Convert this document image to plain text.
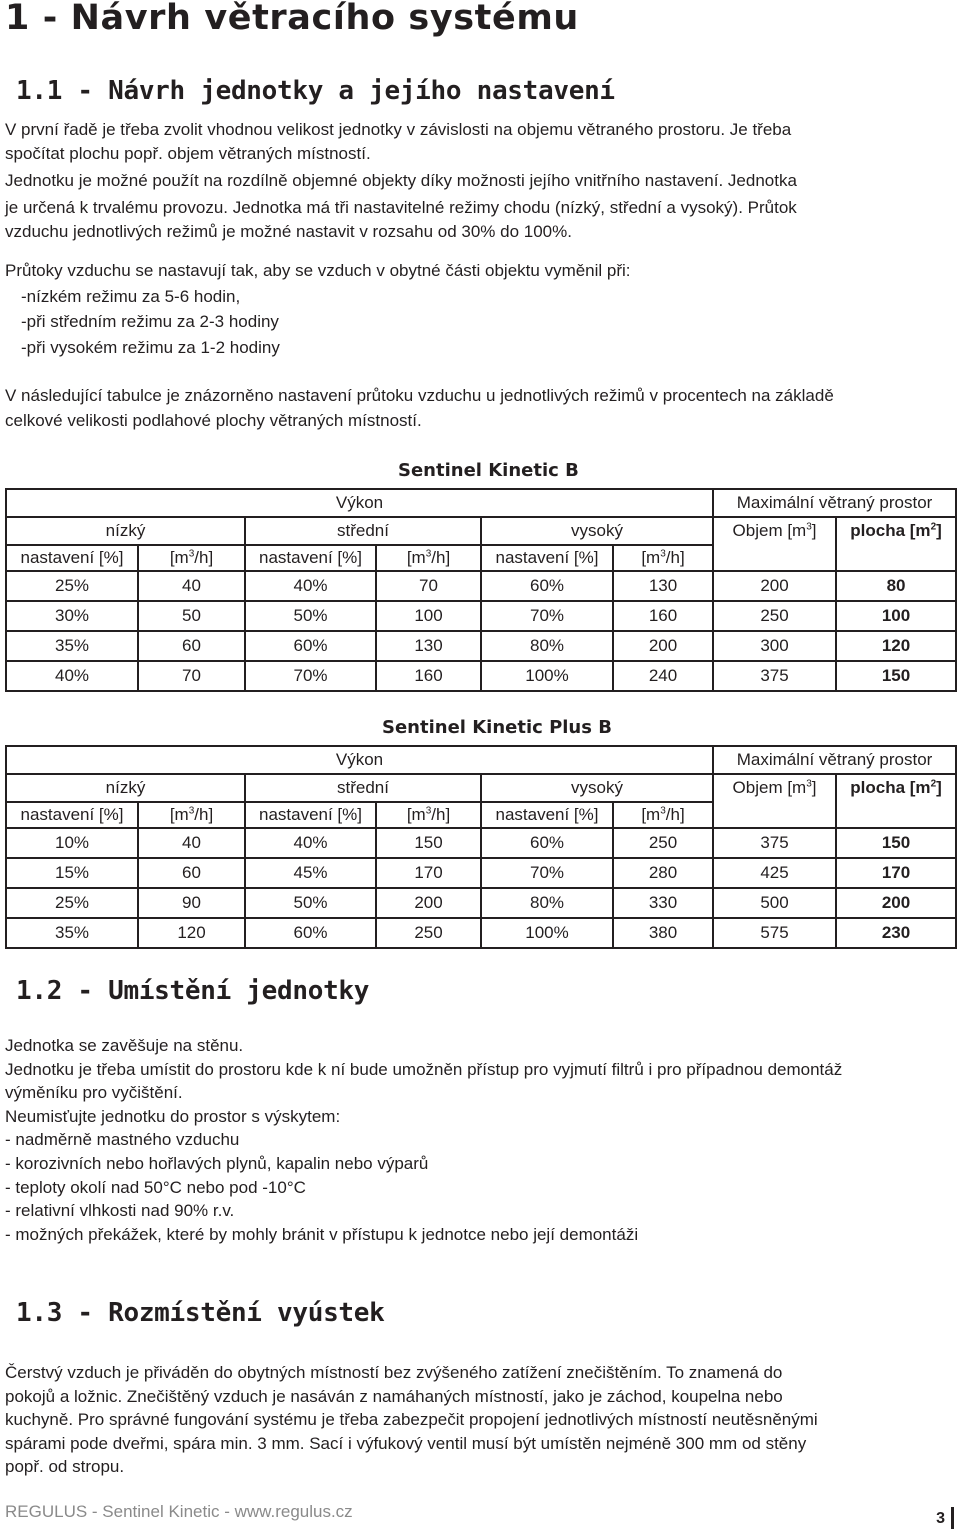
1 - Návrh větracího systému
1.1 - Návrh jednotky a jejího nastavení
V první řadě je třeba zvolit vhodnou velikost jednotky v závislosti na objemu větraného prostoru. Je třeba
spočítat plochu popř. objem větraných místností.
Jednotku je možné použít na rozdílně objemné objekty díky možnosti jejího vnitřního nastavení. Jednotka
je určená k trvalému provozu. Jednotka má tři nastavitelné režimy chodu (nízký, střední a vysoký). Průtok
vzduchu jednotlivých režimů je možné nastavit v rozsahu od 30% do 100%.
Průtoky vzduchu se nastavují tak, aby se vzduch v obytné části objektu vyměnil při:
-nízkém režimu za 5-6 hodin,
-při středním režimu za 2-3 hodiny
-při vysokém režimu za 1-2 hodiny
V následující tabulce je znázorněno nastavení průtoku vzduchu u jednotlivých režimů v procentech na základě
celkové velikosti podlahové plochy větraných místností.
Sentinel Kinetic B
Výkon						Maximální větraný prostor	
nízký		střední		vysoký		Objem $[m^3]$	plocha $[m^2]$
nastavení [%]	$[m^3/h]$	nastavení [%]	$[m^3/h]$	nastavení [%]	$[m^3/h]$		
25%	40	40%	70	60%	130	200	80
30%	50	50%	100	70%	160	250	100
35%	60	60%	130	80%	200	300	120
40%	70	70%	160	100%	240	375	150
Sentinel Kinetic Plus B
Výkon						Maximální větraný prostor	
nízký		střední		vysoký		Objem $[m^3]$	plocha $[m^2]$
nastavení [%]	$[m^3/h]$	nastavení [%]	$[m^3/h]$	nastavení [%]	$[m^3/h]$		
10%	40	40%	150	60%	250	375	150
15%	60	45%	170	70%	280	425	170
25%	90	50%	200	80%	330	500	200
35%	120	60%	250	100%	380	575	230
1.2 - Umístění jednotky
Jednotka se zavěšuje na stěnu.
Jednotku je třeba umístit do prostoru kde k ní bude umožněn přístup pro vyjmutí filtrů i pro případnou demontáž
výměníku pro vyčištění.
Neumisťujte jednotku do prostor s výskytem:
- nadměrně mastného vzduchu
- korozivních nebo hořlavých plynů, kapalin nebo výparů
- teploty okolí nad 50°C nebo pod -10°C
- relativní vlhkosti nad 90% r.v.
- možných překážek, které by mohly bránit v přístupu k jednotce nebo její demontáži
1.3 - Rozmístění vyústek
Čerstvý vzduch je přiváděn do obytných místností bez zvýšeného zatížení znečištěním. To znamená do
pokojů a ložnic. Znečištěný vzduch je nasáván z namáhaných místností, jako je záchod, koupelna nebo
kuchyně. Pro správné fungování systému je třeba zabezpečit propojení jednotlivých místností neutěsněnými
spárami pode dveřmi, spára min. 3 mm. Sací i výfukový ventil musí být umístěn nejméně 300 mm od stěny
popř. od stropu.
REGULUS - Sentinel Kinetic - www.regulus.cz	3
